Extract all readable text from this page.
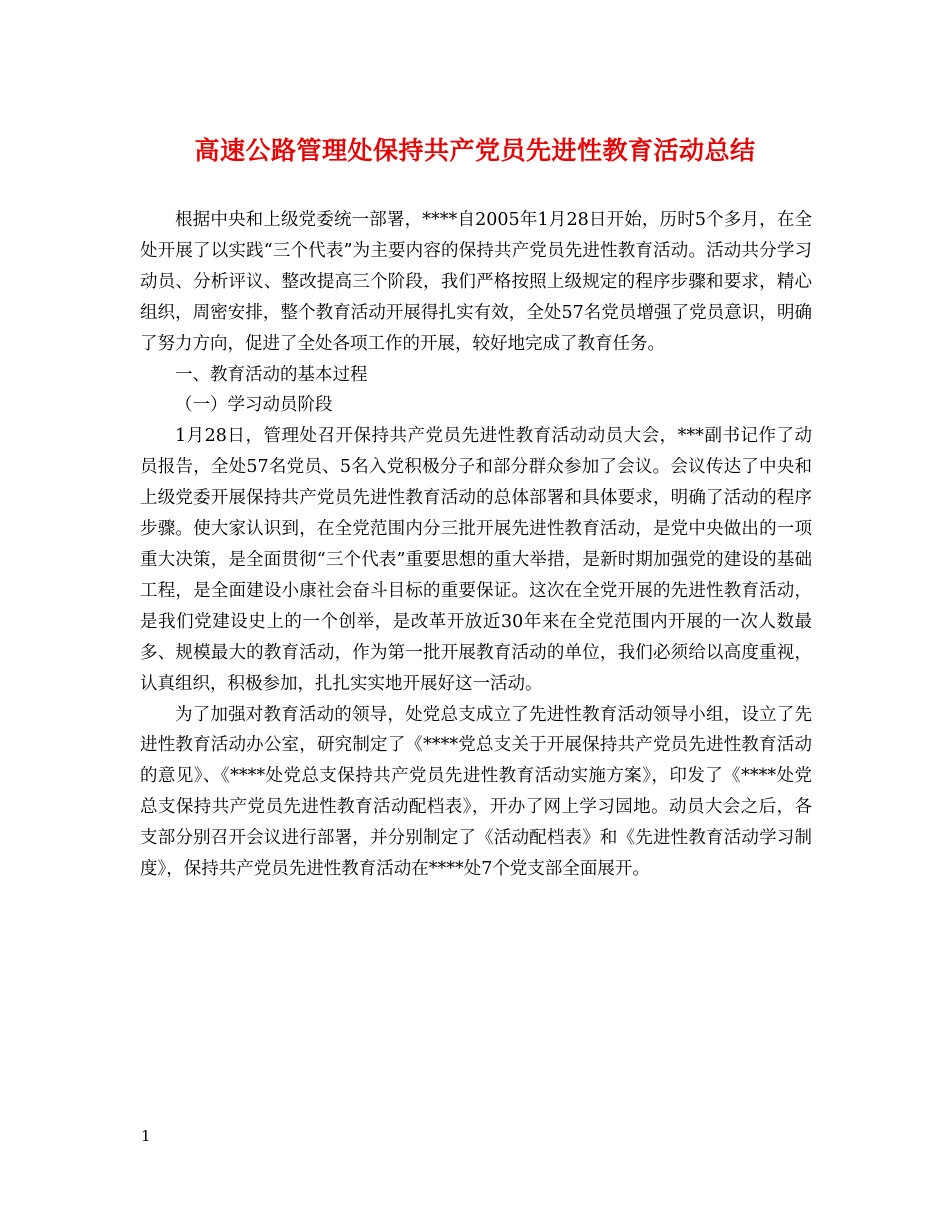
高速公路管理处保持共产党员先进性教育活动总结

根据中央和上级党委统一部署，****自2005年1月28日开始，历时5个多月，在全处开展了以实践“三个代表”为主要内容的保持共产党员先进性教育活动。活动共分学习动员、分析评议、整改提高三个阶段，我们严格按照上级规定的程序步骤和要求，精心组织，周密安排，整个教育活动开展得扎实有效，全处57名党员增强了党员意识，明确了努力方向，促进了全处各项工作的开展，较好地完成了教育任务。

一、教育活动的基本过程

（一）学习动员阶段

1月28日，管理处召开保持共产党员先进性教育活动动员大会，***副书记作了动员报告，全处57名党员、5名入党积极分子和部分群众参加了会议。会议传达了中央和上级党委开展保持共产党员先进性教育活动的总体部署和具体要求，明确了活动的程序步骤。使大家认识到，在全党范围内分三批开展先进性教育活动，是党中央做出的一项重大决策，是全面贯彻“三个代表”重要思想的重大举措，是新时期加强党的建设的基础工程，是全面建设小康社会奋斗目标的重要保证。这次在全党开展的先进性教育活动，是我们党建设史上的一个创举，是改革开放近30年来在全党范围内开展的一次人数最多、规模最大的教育活动，作为第一批开展教育活动的单位，我们必须给以高度重视，认真组织，积极参加，扎扎实实地开展好这一活动。

为了加强对教育活动的领导，处党总支成立了先进性教育活动领导小组，设立了先进性教育活动办公室，研究制定了《****党总支关于开展保持共产党员先进性教育活动的意见》、《****处党总支保持共产党员先进性教育活动实施方案》，印发了《****处党总支保持共产党员先进性教育活动配档表》，开办了网上学习园地。动员大会之后，各支部分别召开会议进行部署，并分别制定了《活动配档表》和《先进性教育活动学习制度》，保持共产党员先进性教育活动在****处7个党支部全面展开。

1
